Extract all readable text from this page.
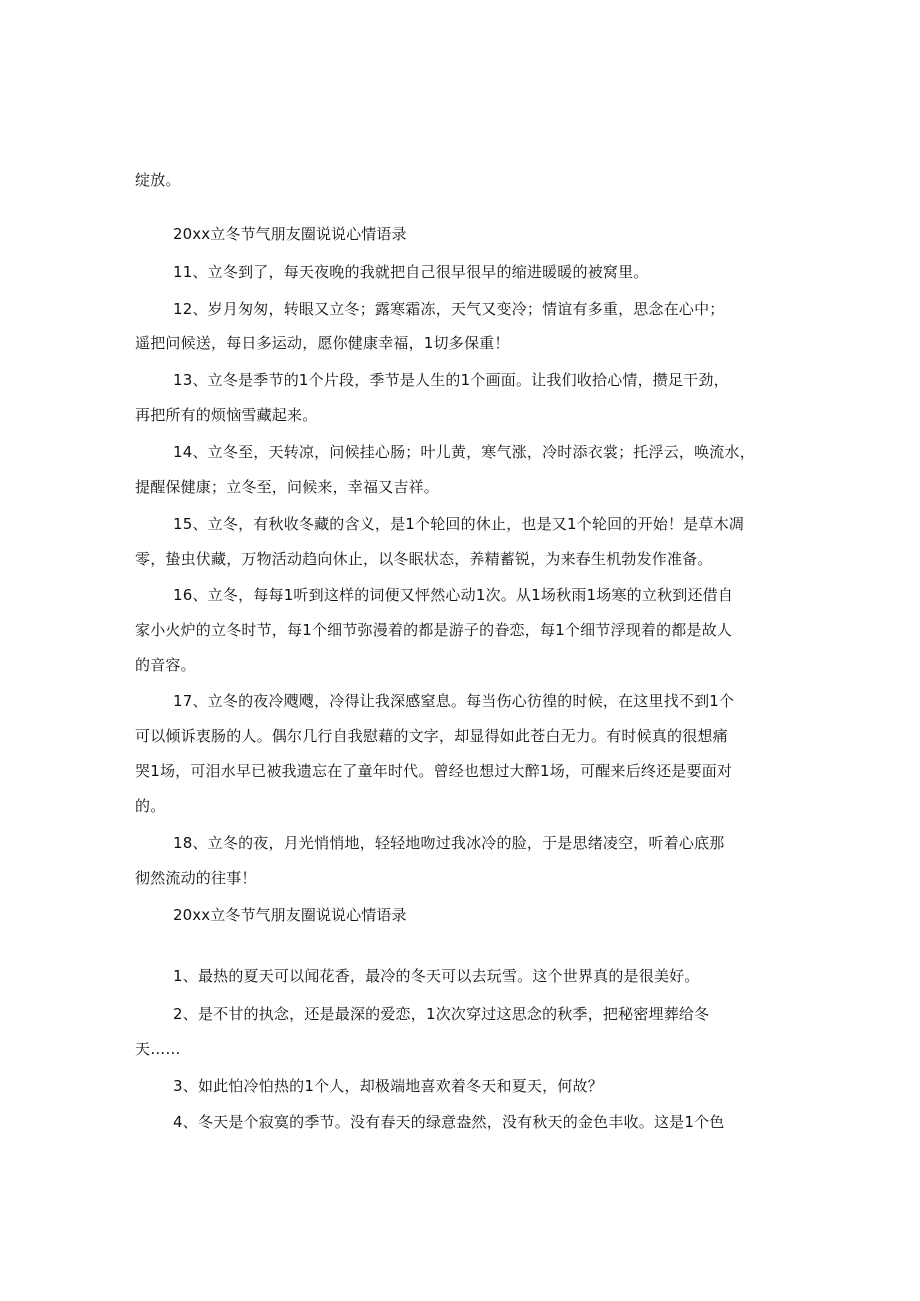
绽放。
20xx立冬节气朋友圈说说心情语录
11、立冬到了，每天夜晚的我就把自己很早很早的缩进暖暖的被窝里。
12、岁月匆匆，转眼又立冬；露寒霜冻，天气又变冷；情谊有多重，思念在心中；
遥把问候送，每日多运动，愿你健康幸福，1切多保重！
13、立冬是季节的1个片段，季节是人生的1个画面。让我们收拾心情，攒足干劲，
再把所有的烦恼雪藏起来。
14、立冬至，天转凉，问候挂心肠；叶儿黄，寒气涨，冷时添衣裳；托浮云，唤流水，
提醒保健康；立冬至，问候来，幸福又吉祥。
15、立冬，有秋收冬藏的含义，是1个轮回的休止，也是又1个轮回的开始！是草木凋
零，蛰虫伏藏，万物活动趋向休止，以冬眠状态，养精蓄锐，为来春生机勃发作准备。
16、立冬，每每1听到这样的词便又怦然心动1次。从1场秋雨1场寒的立秋到还借自
家小火炉的立冬时节，每1个细节弥漫着的都是游子的眷恋，每1个细节浮现着的都是故人
的音容。
17、立冬的夜冷飕飕，冷得让我深感窒息。每当伤心彷徨的时候，在这里找不到1个
可以倾诉衷肠的人。偶尔几行自我慰藉的文字，却显得如此苍白无力。有时候真的很想痛
哭1场，可泪水早已被我遗忘在了童年时代。曾经也想过大醉1场，可醒来后终还是要面对
的。
18、立冬的夜，月光悄悄地，轻轻地吻过我冰冷的脸，于是思绪凌空，听着心底那
彻然流动的往事！
20xx立冬节气朋友圈说说心情语录
1、最热的夏天可以闻花香，最冷的冬天可以去玩雪。这个世界真的是很美好。
2、是不甘的执念，还是最深的爱恋，1次次穿过这思念的秋季，把秘密埋葬给冬
天……
3、如此怕冷怕热的1个人，却极端地喜欢着冬天和夏天，何故？
4、冬天是个寂寞的季节。没有春天的绿意盎然，没有秋天的金色丰收。这是1个色
